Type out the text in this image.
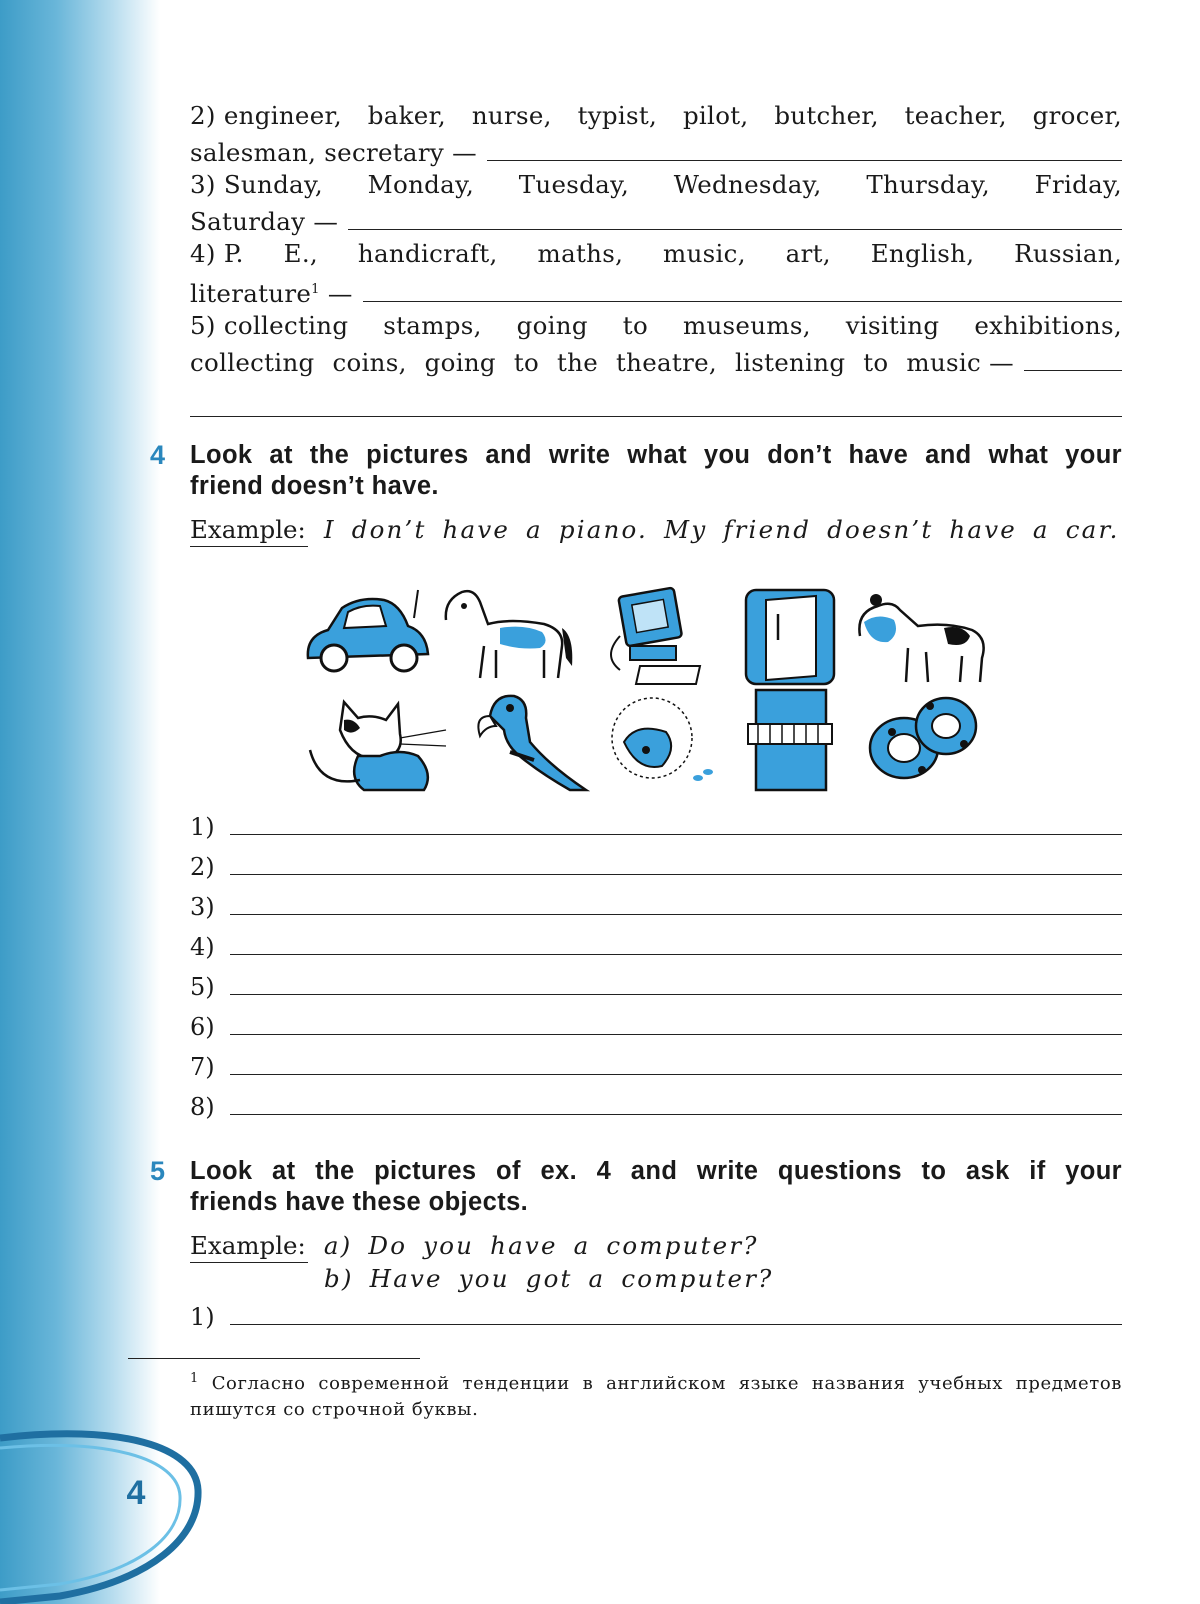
4
2) engineer, baker, nurse, typist, pilot, butcher, teacher, grocer,
salesman, secretary —
3) Sunday, Monday, Tuesday, Wednesday, Thursday, Friday,
Saturday —
4) P. E., handicraft, maths, music, art, English, Russian,
literature$^1$ —
5) collecting stamps, going to museums, visiting exhibitions,
collecting coins, going to the theatre, listening to music —
4 Look at the pictures and write what you don’t have and what your
friend doesn’t have.
Example: I don’t have a piano. My friend doesn’t have a car.
1)
2)
3)
4)
5)
6)
7)
8)
5 Look at the pictures of ex. 4 and write questions to ask if your
friends have these objects.
Example: a) Do you have a computer?
b) Have you got a computer?
1)
$^1$ Согласно современной тенденции в английском языке названия учебных предметов пишутся со строчной буквы.
